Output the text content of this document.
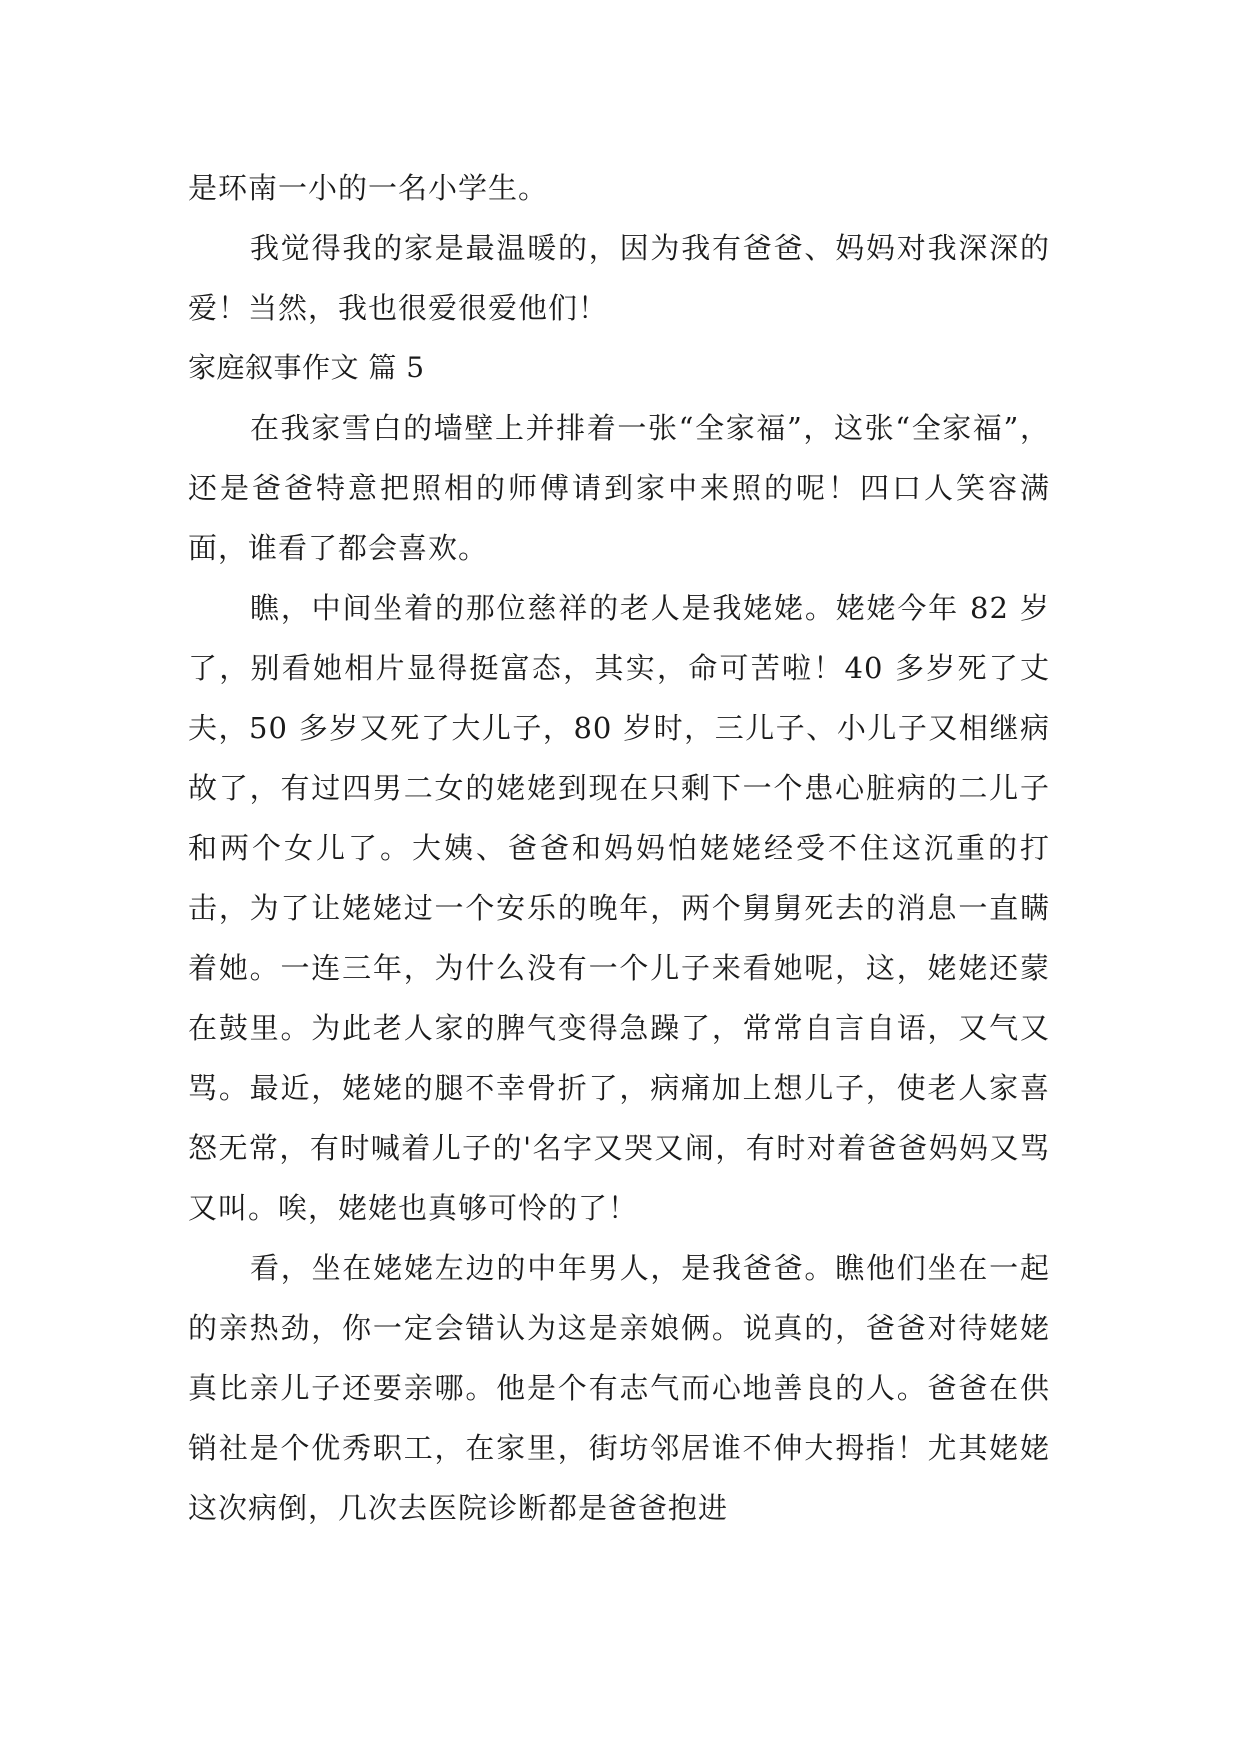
是环南一小的一名小学生。

我觉得我的家是最温暖的，因为我有爸爸、妈妈对我深深的爱！当然，我也很爱很爱他们！

家庭叙事作文 篇 5

在我家雪白的墙壁上并排着一张“全家福”，这张“全家福”，还是爸爸特意把照相的师傅请到家中来照的呢！四口人笑容满面，谁看了都会喜欢。

瞧，中间坐着的那位慈祥的老人是我姥姥。姥姥今年 82 岁了，别看她相片显得挺富态，其实，命可苦啦！40 多岁死了丈夫，50 多岁又死了大儿子，80 岁时，三儿子、小儿子又相继病故了，有过四男二女的姥姥到现在只剩下一个患心脏病的二儿子和两个女儿了。大姨、爸爸和妈妈怕姥姥经受不住这沉重的打击，为了让姥姥过一个安乐的晚年，两个舅舅死去的消息一直瞒着她。一连三年，为什么没有一个儿子来看她呢，这，姥姥还蒙在鼓里。为此老人家的脾气变得急躁了，常常自言自语，又气又骂。最近，姥姥的腿不幸骨折了，病痛加上想儿子，使老人家喜怒无常，有时喊着儿子的'名字又哭又闹，有时对着爸爸妈妈又骂又叫。唉，姥姥也真够可怜的了！

看，坐在姥姥左边的中年男人，是我爸爸。瞧他们坐在一起的亲热劲，你一定会错认为这是亲娘俩。说真的，爸爸对待姥姥真比亲儿子还要亲哪。他是个有志气而心地善良的人。爸爸在供销社是个优秀职工，在家里，街坊邻居谁不伸大拇指！尤其姥姥这次病倒，几次去医院诊断都是爸爸抱进
